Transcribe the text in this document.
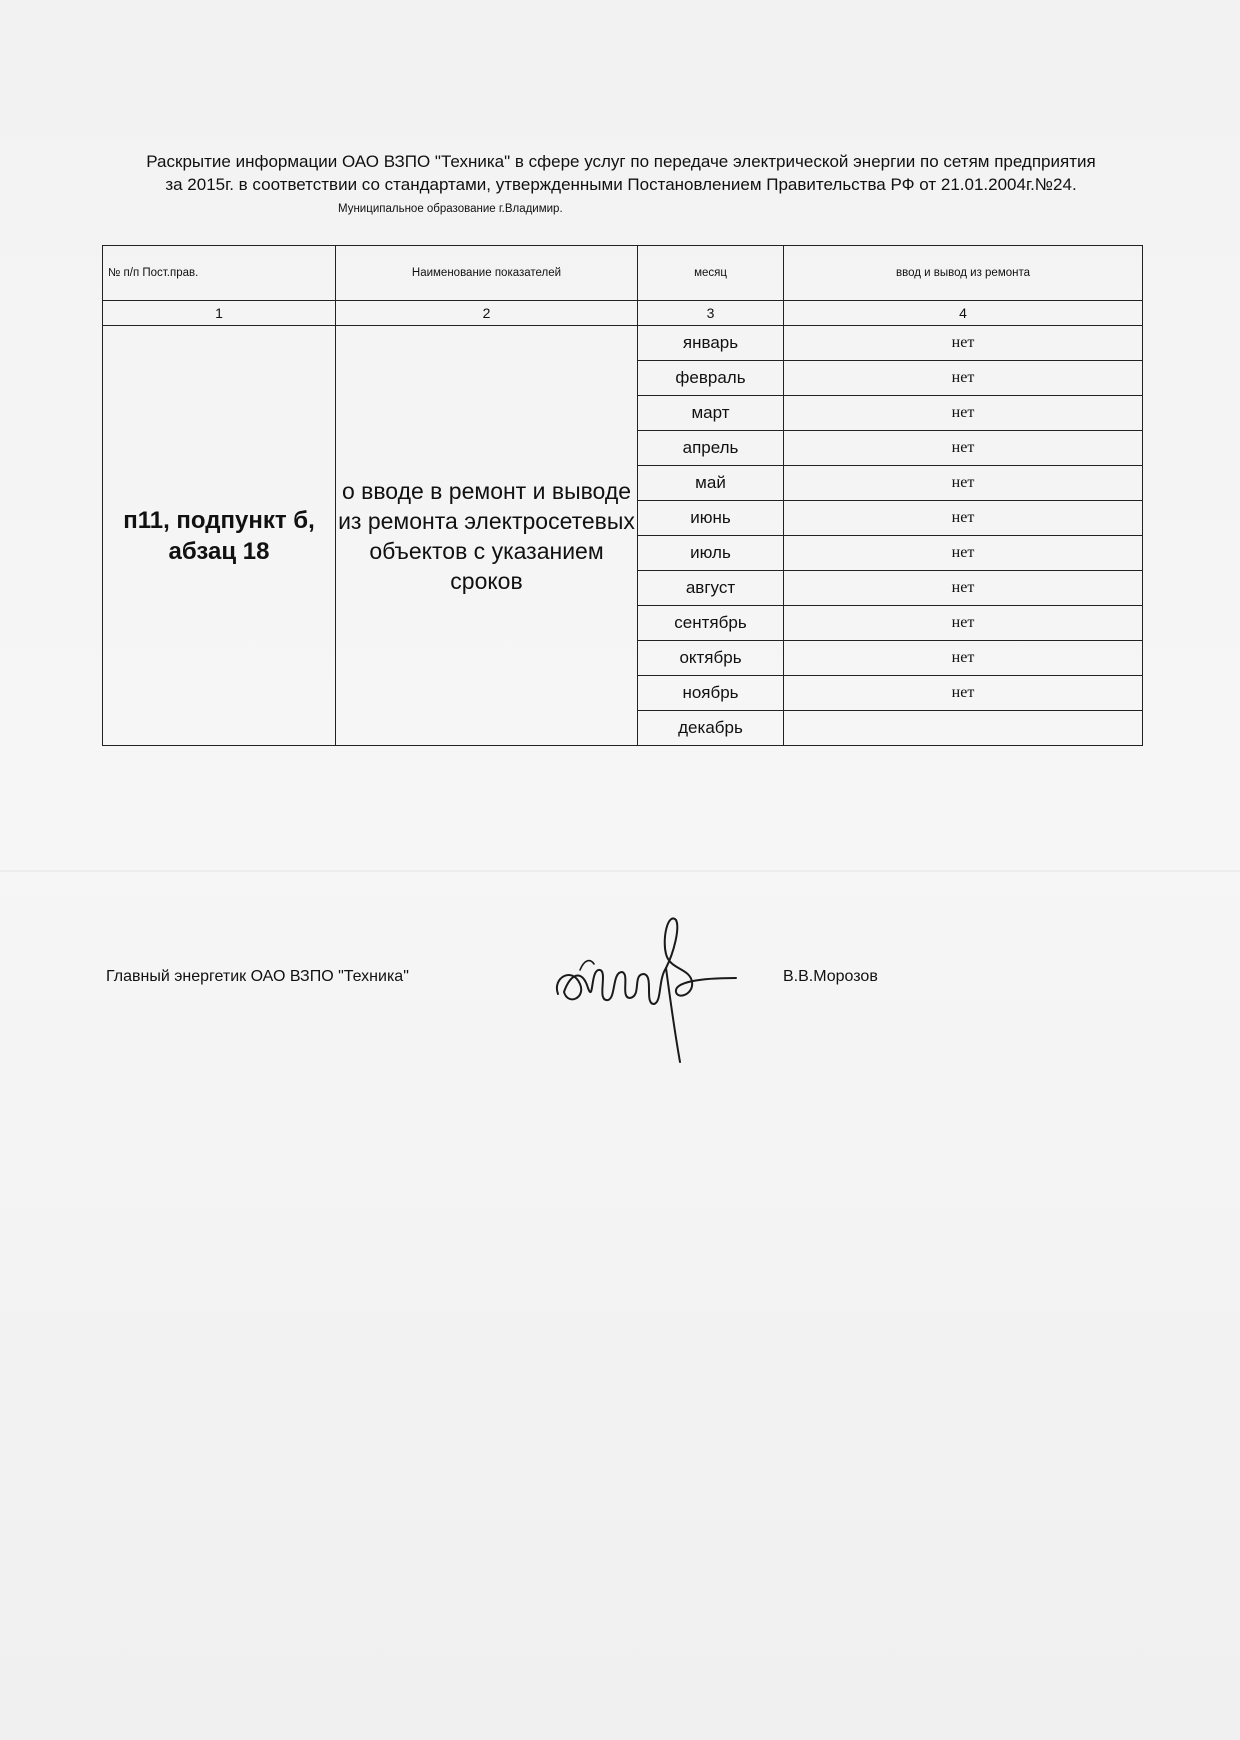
Раскрытие информации ОАО ВЗПО "Техника" в сфере услуг по передаче электрической энергии по сетям предприятия
за 2015г. в соответствии со стандартами, утвержденными Постановлением Правительства РФ от 21.01.2004г.№24.
Муниципальное образование г.Владимир.
№ п/п Пост.прав.	Наименование показателей	месяц	ввод и вывод из ремонта
1	2	3	4
п11, подпункт б, абзац 18	о вводе в ремонт и выводе из ремонта электросетевых объектов с указанием сроков	январь	нет
		февраль	нет
		март	нет
		апрель	нет
		май	нет
		июнь	нет
		июль	нет
		август	нет
		сентябрь	нет
		октябрь	нет
		ноябрь	нет
		декабрь	
Главный энергетик ОАО ВЗПО "Техника"	В.В.Морозов
